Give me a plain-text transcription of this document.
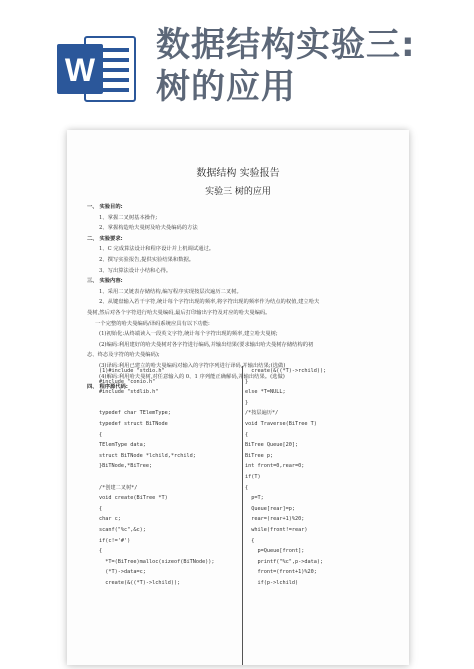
W
数据结构实验三:
树的应用
数据结构 实验报告
实验三 树的应用
一、 实验目的:
1、掌握二叉树基本操作;
2、掌握构造哈夫曼树及哈夫曼编码的方法
二、 实验要求:
1、C 完成算法设计和程序设计并上机调试通过。
2、撰写实验报告,提供实验结果和数据。
3、写出算法设计小结和心得。
三、 实验内容:
1、采用二叉链表存储结构,编写程序实现按层次遍历二叉树。
2、从键盘输入若干字符,统计每个字符出现的频率,将字符出现的频率作为结点的权值,建立哈夫
曼树,然后对各个字符进行哈夫曼编码,最后打印输出字符及对应的哈夫曼编码。
一个完整的哈夫曼编码/译码系统应具有以下功能:
(1)初始化:从终端读入一段英文字符,统计每个字符出现的频率,建立哈夫曼树;
(2)编码:利用建好的哈夫曼树对各字符进行编码,并输出结果(要求输出哈夫曼树存储结构的初
态、终态及字符的哈夫曼编码);
(3)译码:利用已建立的哈夫曼编码对输入的字符序列进行译码,并输出结果;(选做)
(4)解码:利用哈夫曼树,对任意输入的 0、1 序列能正确解码,并输出结果。(选做)
四、 程序源代码:
(1)#include "stdio.h"
#include "conio.h"
#include "stdlib.h"

typedef char TElemType;
typedef struct BiTNode
{
TElemType data;
struct BiTNode *lchild,*rchild;
}BiTNode,*BiTree;

/*创建二叉树*/
void create(BiTree *T)
{
char c;
scanf("%c",&c);
if(c!='#')
{
*T=(BiTree)malloc(sizeof(BiTNode));
(*T)->data=c;
create(&((*T)->lchild));
create(&((*T)->rchild));
}
else *T=NULL;
}
/*按层遍历*/
void Traverse(BiTree T)
{
BiTree Queue[20];
BiTree p;
int front=0,rear=0;
if(T)
{
p=T;
Queue[rear]=p;
rear=(rear+1)%20;
while(front!=rear)
{
p=Queue[front];
printf("%c",p->data);
front=(front+1)%20;
if(p->lchild)
